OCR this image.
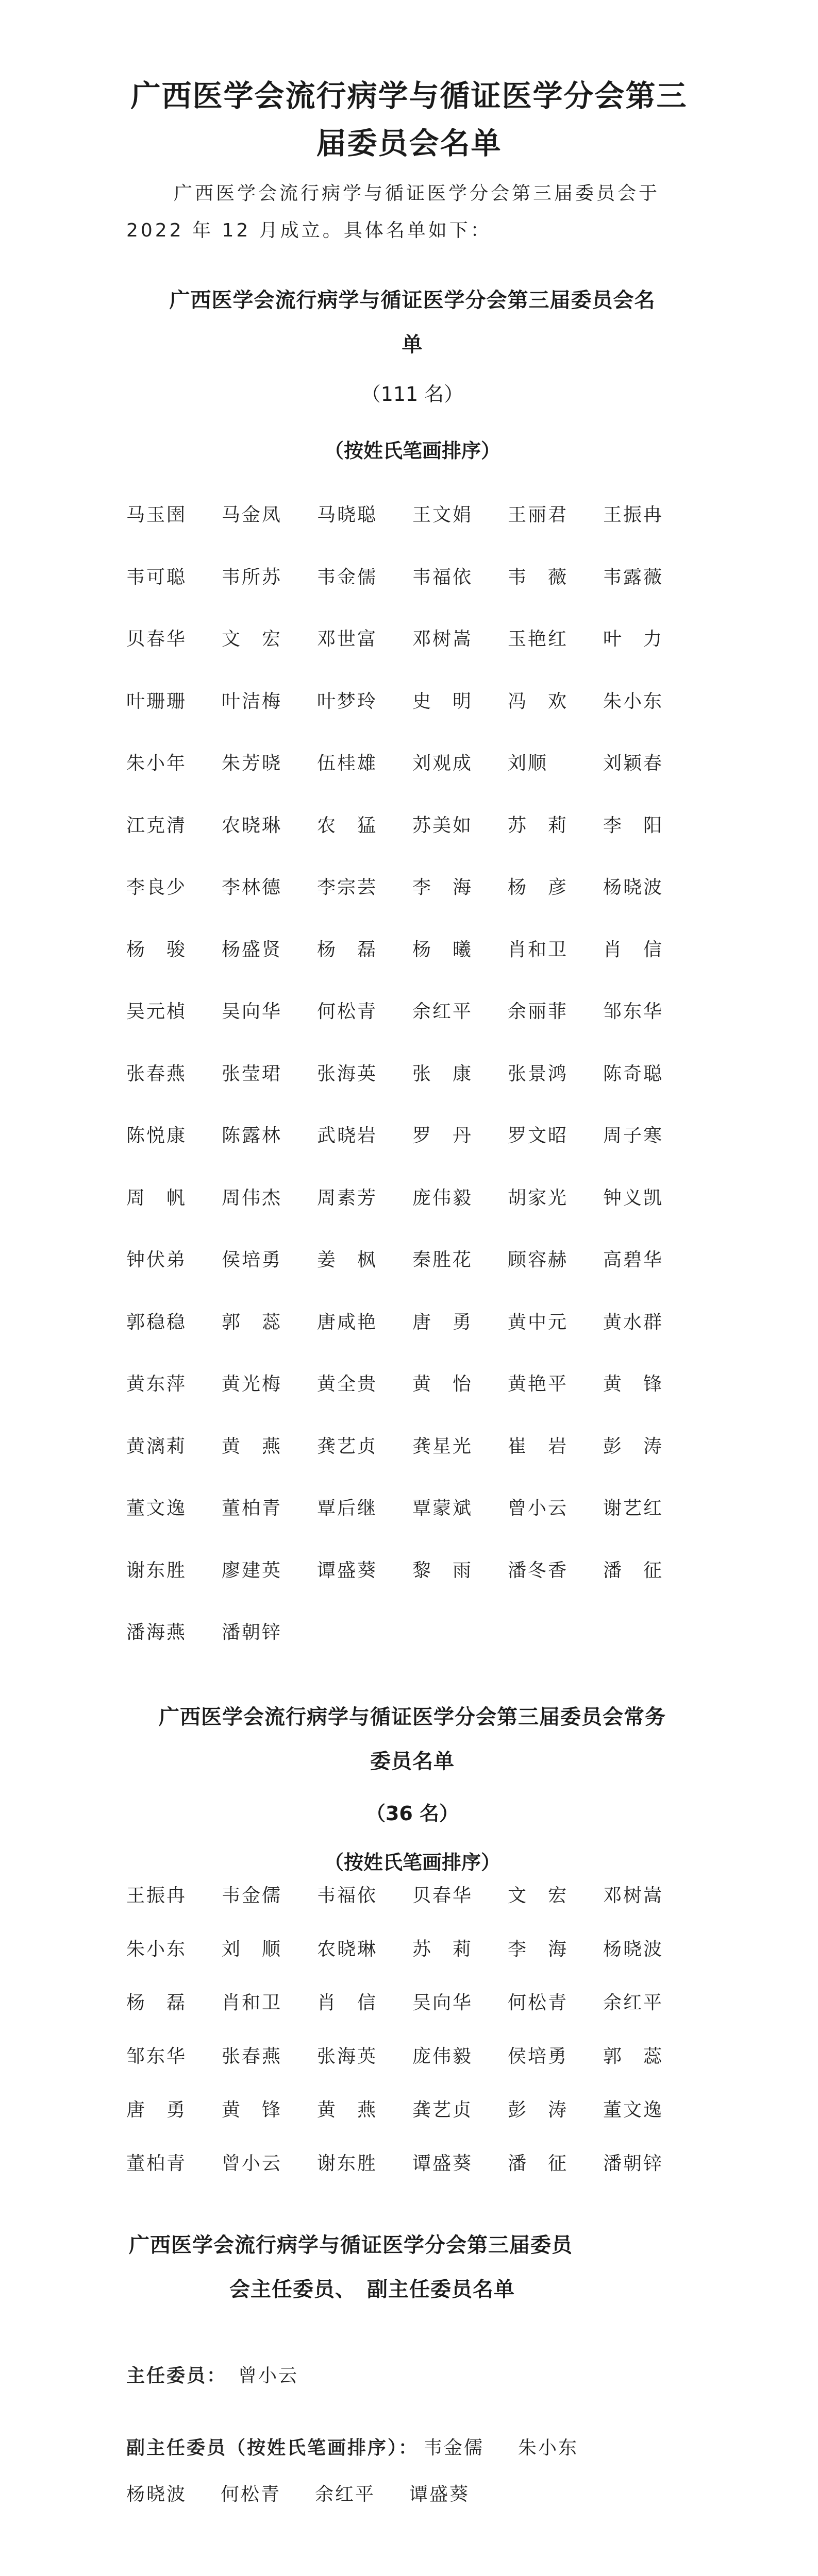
广西医学会流行病学与循证医学分会第三
届委员会名单
广西医学会流行病学与循证医学分会第三届委员会于
2022 年 12 月成立。具体名单如下：
广西医学会流行病学与循证医学分会第三届委员会名
单
（111 名）
（按姓氏笔画排序）
马玉圉	马金凤	马晓聪	王文娟	王丽君	王振冉
韦可聪	韦所苏	韦金儒	韦福依	韦　薇	韦露薇
贝春华	文　宏	邓世富	邓树嵩	玉艳红	叶　力
叶珊珊	叶洁梅	叶梦玲	史　明	冯　欢	朱小东
朱小年	朱芳晓	伍桂雄	刘观成	刘顺　	刘颖春
江克清	农晓琳	农　猛	苏美如	苏　莉	李　阳
李良少	李林德	李宗芸	李　海	杨　彦	杨晓波
杨　骏	杨盛贤	杨　磊	杨　曦	肖和卫	肖　信
吴元楨	吴向华	何松青	余红平	余丽菲	邹东华
张春燕	张莹珺	张海英	张　康	张景鸿	陈奇聪
陈悦康	陈露林	武晓岩	罗　丹	罗文昭	周子寒
周　帆	周伟杰	周素芳	庞伟毅	胡家光	钟义凯
钟伏弟	侯培勇	姜　枫	秦胜花	顾容赫	高碧华
郭稳稳	郭　蕊	唐咸艳	唐　勇	黄中元	黄水群
黄东萍	黄光梅	黄全贵	黄　怡	黄艳平	黄　锋
黄漓莉	黄　燕	龚艺贞	龚星光	崔　岩	彭　涛
董文逸	董柏青	覃后继	覃蒙斌	曾小云	谢艺红
谢东胜	廖建英	谭盛葵	黎　雨	潘冬香	潘　征
潘海燕	潘朝锌
广西医学会流行病学与循证医学分会第三届委员会常务
委员名单
（36 名）
（按姓氏笔画排序）
王振冉	韦金儒	韦福依	贝春华	文　宏	邓树嵩
朱小东	刘　顺	农晓琳	苏　莉	李　海	杨晓波
杨　磊	肖和卫	肖　信	吴向华	何松青	余红平
邹东华	张春燕	张海英	庞伟毅	侯培勇	郭　蕊
唐　勇	黄　锋	黄　燕	龚艺贞	彭　涛	董文逸
董柏青	曾小云	谢东胜	谭盛葵	潘　征	潘朝锌
广西医学会流行病学与循证医学分会第三届委员
会主任委员、　副主任委员名单
主任委员： 曾小云
副主任委员（按姓氏笔画排序）： 韦金儒 朱小东
杨晓波 何松青 余红平 谭盛葵
